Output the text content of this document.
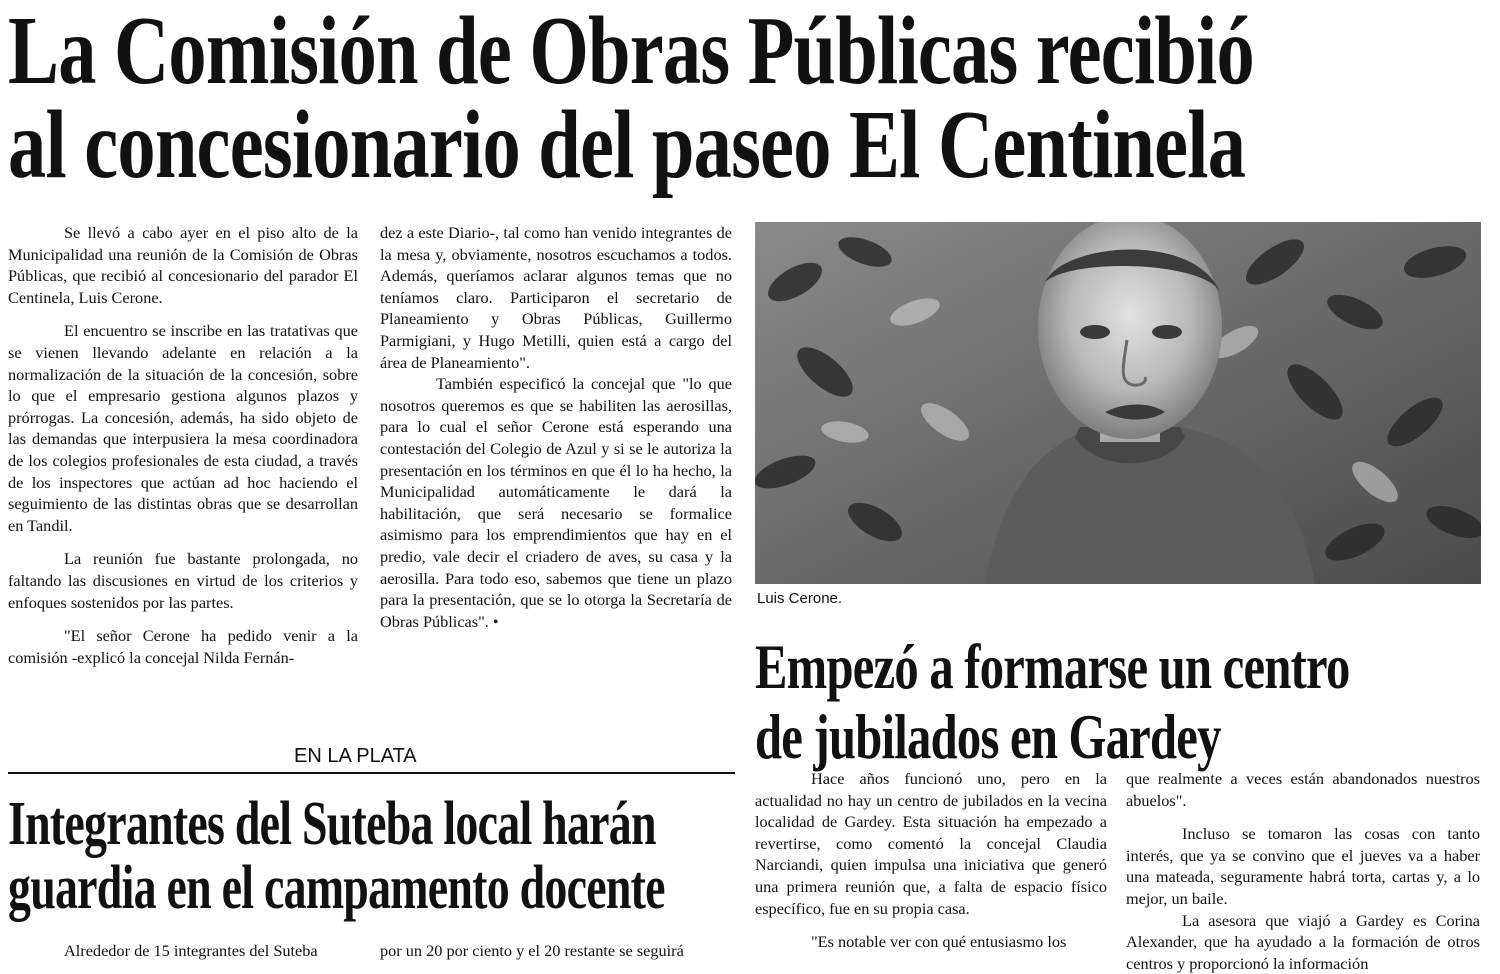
La Comisión de Obras Públicas recibió
al concesionario del paseo El Centinela

Se llevó a cabo ayer en el piso alto de la Municipalidad una reunión de la Comisión de Obras Públicas, que recibió al concesionario del parador El Centinela, Luis Cerone.

El encuentro se inscribe en las tratativas que se vienen llevando adelante en relación a la normalización de la situación de la concesión, sobre lo que el empresario gestiona algunos plazos y prórrogas. La concesión, además, ha sido objeto de las demandas que interpusiera la mesa coordinadora de los colegios profesionales de esta ciudad, a través de los inspectores que actúan ad hoc haciendo el seguimiento de las distintas obras que se desarrollan en Tandil.

La reunión fue bastante prolongada, no faltando las discusiones en virtud de los criterios y enfoques sostenidos por las partes.

"El señor Cerone ha pedido venir a la comisión -explicó la concejal Nilda Fernán-

dez a este Diario-, tal como han venido integrantes de la mesa y, obviamente, nosotros escuchamos a todos. Además, queríamos aclarar algunos temas que no teníamos claro. Participaron el secretario de Planeamiento y Obras Públicas, Guillermo Parmigiani, y Hugo Metilli, quien está a cargo del área de Planeamiento".

También especificó la concejal que "lo que nosotros queremos es que se habiliten las aerosillas, para lo cual el señor Cerone está esperando una contestación del Colegio de Azul y si se le autoriza la presentación en los términos en que él lo ha hecho, la Municipalidad automáticamente le dará la habilitación, que será necesario se formalice asimismo para los emprendimientos que hay en el predio, vale decir el criadero de aves, su casa y la aerosilla. Para todo eso, sabemos que tiene un plazo para la presentación, que se lo otorga la Secretaría de Obras Públicas". •

Luis Cerone.
Empezó a formarse un centro
de jubilados en Gardey

Hace años funcionó uno, pero en la actualidad no hay un centro de jubilados en la vecina localidad de Gardey. Esta situación ha empezado a revertirse, como comentó la concejal Claudia Narciandi, quien impulsa una iniciativa que generó una primera reunión que, a falta de espacio físico específico, fue en su propia casa.

"Es notable ver con qué entusiasmo los

que realmente a veces están abandonados nuestros abuelos".

Incluso se tomaron las cosas con tanto interés, que ya se convino que el jueves va a haber una mateada, seguramente habrá torta, cartas y, a lo mejor, un baile.

La asesora que viajó a Gardey es Corina Alexander, que ha ayudado a la formación de otros centros y proporcionó la información

EN LA PLATA
Integrantes del Suteba local harán
guardia en el campamento docente

Alrededor de 15 integrantes del Suteba	por un 20 por ciento y el 20 restante se seguirá
